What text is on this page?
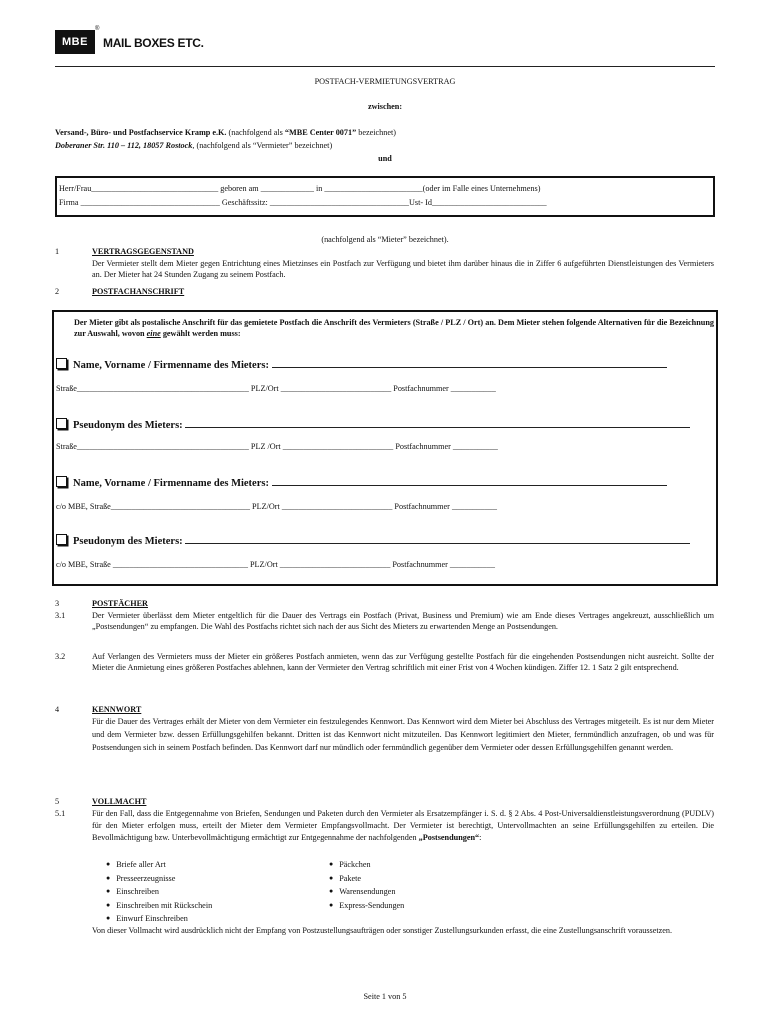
MBE
®
MAIL BOXES ETC.
POSTFACH-VERMIETUNGSVERTRAG
zwischen:
Versand-, Büro- und Postfachservice Kramp e.K. (nachfolgend als “MBE Center 0071” bezeichnet)
Doberaner Str. 110 – 112, 18057 Rostock, (nachfolgend als “Vermieter” bezeichnet)
und
Herr/Frau_______________________________ geboren am _____________ in ________________________(oder im Falle eines Unternehmens)
Firma __________________________________ Geschäftssitz: __________________________________Ust- Id____________________________
(nachfolgend als “Mieter” bezeichnet).
1	VERTRAGSGEGENSTAND
Der Vermieter stellt dem Mieter gegen Entrichtung eines Mietzinses ein Postfach zur Verfügung und bietet ihm darüber hinaus die in Ziffer 6 aufgeführten Dienstleistungen des Vermieters an. Der Mieter hat 24 Stunden Zugang zu seinem Postfach.
2	POSTFACHANSCHRIFT
Der Mieter gibt als postalische Anschrift für das gemietete Postfach die Anschrift des Vermieters (Straße / PLZ / Ort) an. Dem Mieter stehen folgende Alternativen für die Bezeichnung zur Auswahl, wovon eine gewählt werden muss:
Name, Vorname / Firmenname des Mieters:
Straße__________________________________________ PLZ/Ort ___________________________ Postfachnummer ___________
Pseudonym des Mieters:
Straße__________________________________________ PLZ /Ort ___________________________ Postfachnummer ___________
Name, Vorname / Firmenname des Mieters:
c/o MBE, Straße__________________________________ PLZ/Ort ___________________________ Postfachnummer ___________
Pseudonym des Mieters:
c/o MBE, Straße _________________________________ PLZ/Ort ___________________________ Postfachnummer ___________
3	POSTFÄCHER
3.1	Der Vermieter überlässt dem Mieter entgeltlich für die Dauer des Vertrags ein Postfach (Privat, Business und Premium) wie am Ende dieses Vertrages angekreuzt, ausschließlich um „Postsendungen“ zu empfangen. Die Wahl des Postfachs richtet sich nach der aus Sicht des Mieters zu erwartenden Menge an Postsendungen.
3.2	Auf Verlangen des Vermieters muss der Mieter ein größeres Postfach anmieten, wenn das zur Verfügung gestellte Postfach für die eingehenden Postsendungen nicht ausreicht. Sollte der Mieter die Anmietung eines größeren Postfaches ablehnen, kann der Vermieter den Vertrag schriftlich mit einer Frist von 4 Wochen kündigen. Ziffer 12. 1 Satz 2 gilt entsprechend.
4	KENNWORT
Für die Dauer des Vertrages erhält der Mieter von dem Vermieter ein festzulegendes Kennwort. Das Kennwort wird dem Mieter bei Abschluss des Vertrages mitgeteilt. Es ist nur dem Mieter und dem Vermieter bzw. dessen Erfüllungsgehilfen bekannt. Dritten ist das Kennwort nicht mitzuteilen. Das Kennwort legitimiert den Mieter, fernmündlich anzufragen, ob und was für Postsendungen sich in seinem Postfach befinden. Das Kennwort darf nur mündlich oder fernmündlich gegenüber dem Vermieter oder dessen Erfüllungsgehilfen genannt werden.
5	VOLLMACHT
5.1	Für den Fall, dass die Entgegennahme von Briefen, Sendungen und Paketen durch den Vermieter als Ersatzempfänger i. S. d. § 2 Abs. 4 Post-Universaldienstleistungsverordnung (PUDLV) für den Mieter erfolgen muss, erteilt der Mieter dem Vermieter Empfangsvollmacht. Der Vermieter ist berechtigt, Untervollmachten an seine Erfüllungsgehilfen zu erteilen. Die Bevollmächtigung bzw. Unterbevollmächtigung ermächtigt zur Entgegennahme der nachfolgenden „Postsendungen“:
● Briefe aller Art
● Presseerzeugnisse
● Einschreiben
● Einschreiben mit Rückschein
● Einwurf Einschreiben
● Päckchen
● Pakete
● Warensendungen
● Express-Sendungen
Von dieser Vollmacht wird ausdrücklich nicht der Empfang von Postzustellungsaufträgen oder sonstiger Zustellungsurkunden erfasst, die eine Zustellungsanschrift voraussetzen.
Seite 1 von 5
